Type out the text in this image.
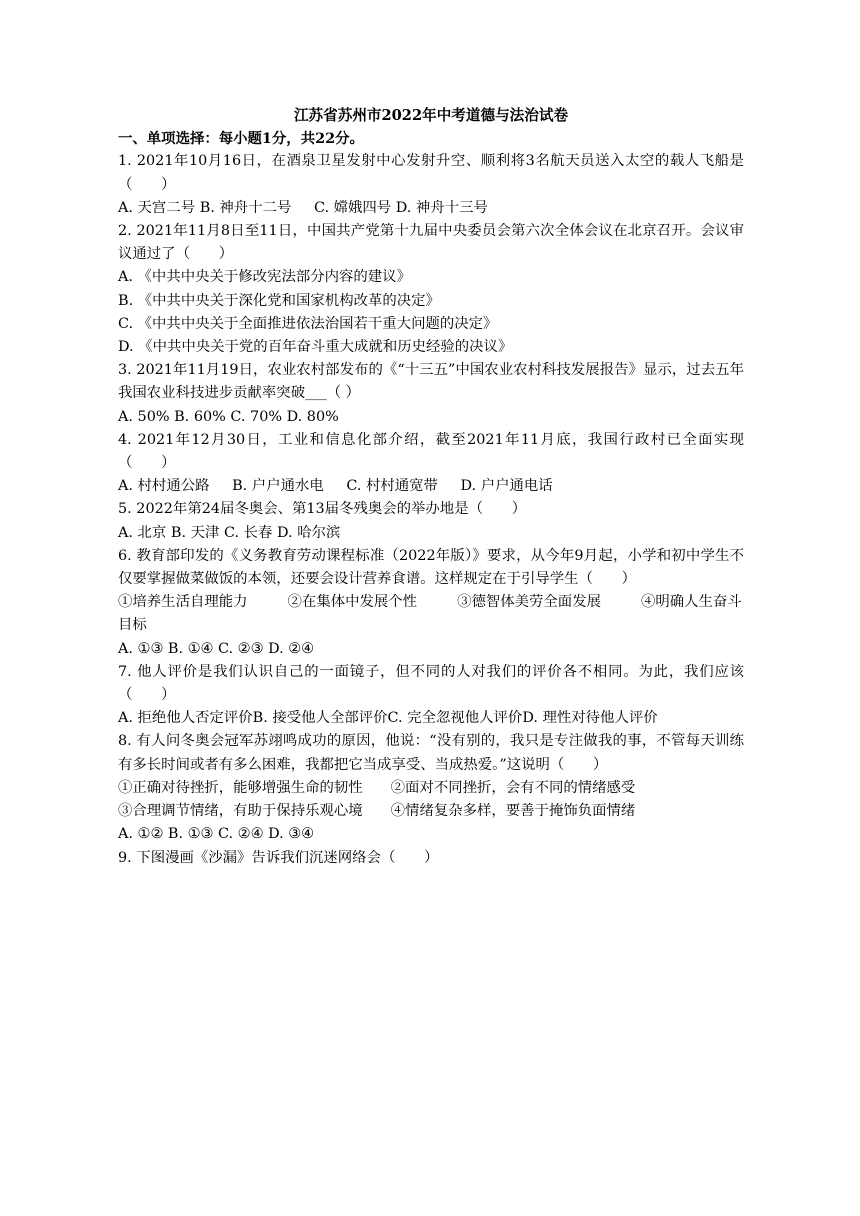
江苏省苏州市2022年中考道德与法治试卷

一、单项选择：每小题1分，共22分。

1. 2021年10月16日，在酒泉卫星发射中心发射升空、顺利将3名航天员送入太空的载人飞船是（　　）

A. 天宫二号 B. 神舟十二号 C. 嫦娥四号 D. 神舟十三号

2. 2021年11月8日至11日，中国共产党第十九届中央委员会第六次全体会议在北京召开。会议审议通过了（　　）

A. 《中共中央关于修改宪法部分内容的建议》

B. 《中共中央关于深化党和国家机构改革的决定》

C. 《中共中央关于全面推进依法治国若干重大问题的决定》

D. 《中共中央关于党的百年奋斗重大成就和历史经验的决议》

3. 2021年11月19日，农业农村部发布的《“十三五”中国农业农村科技发展报告》显示，过去五年我国农业科技进步贡献率突破___（ ）

A. 50% B. 60% C. 70% D. 80%

4. 2021年12月30日，工业和信息化部介绍，截至2021年11月底，我国行政村已全面实现（　　）

A. 村村通公路 B. 户户通水电 C. 村村通宽带 D. 户户通电话

5. 2022年第24届冬奥会、第13届冬残奥会的举办地是（　　）

A. 北京 B. 天津 C. 长春 D. 哈尔滨

6. 教育部印发的《义务教育劳动课程标准（2022年版）》要求，从今年9月起，小学和初中学生不仅要掌握做菜做饭的本领，还要会设计营养食谱。这样规定在于引导学生（　　）

①培养生活自理能力	②在集体中发展个性	③德智体美劳全面发展	④明确人生奋斗目标

A. ①③ B. ①④ C. ②③ D. ②④

7. 他人评价是我们认识自己的一面镜子，但不同的人对我们的评价各不相同。为此，我们应该（　　）

A. 拒绝他人否定评价B. 接受他人全部评价C. 完全忽视他人评价D. 理性对待他人评价

8. 有人问冬奥会冠军苏翊鸣成功的原因，他说：“没有别的，我只是专注做我的事，不管每天训练有多长时间或者有多么困难，我都把它当成享受、当成热爱。”这说明（　　）

①正确对待挫折，能够增强生命的韧性 ②面对不同挫折，会有不同的情绪感受

③合理调节情绪，有助于保持乐观心境 ④情绪复杂多样，要善于掩饰负面情绪

A. ①② B. ①③ C. ②④ D. ③④

9. 下图漫画《沙漏》告诉我们沉迷网络会（　　）
